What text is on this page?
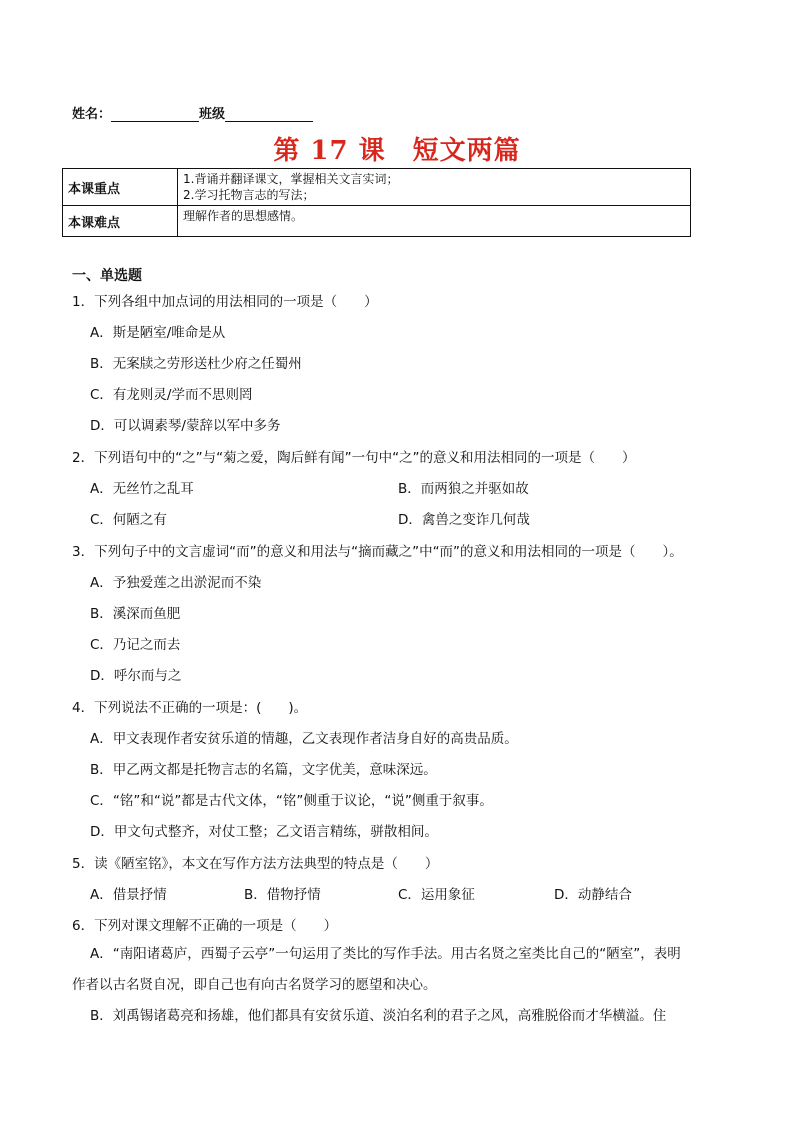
姓名：	班级
第 17 课　短文两篇
本课重点	1.背诵并翻译课文，掌握相关文言实词；
2.学习托物言志的写法；

本课难点	理解作者的思想感情。
一、单选题
1．下列各组中加点词的用法相同的一项是（　　）
A．斯是陋室/唯命是从
B．无案牍之劳形送杜少府之任蜀州
C．有龙则灵/学而不思则罔
D．可以调素琴/蒙辞以军中多务
2．下列语句中的“之”与“菊之爱，陶后鲜有闻”一句中“之”的意义和用法相同的一项是（　　）
A．无丝竹之乱耳	B．而两狼之并驱如故
C．何陋之有	D．禽兽之变诈几何哉
3．下列句子中的文言虚词“而”的意义和用法与“摘而藏之”中“而”的意义和用法相同的一项是（　　）。
A．予独爱莲之出淤泥而不染
B．溪深而鱼肥
C．乃记之而去
D．呼尔而与之
4．下列说法不正确的一项是：(　　)。
A．甲文表现作者安贫乐道的情趣，乙文表现作者洁身自好的高贵品质。
B．甲乙两文都是托物言志的名篇，文字优美，意味深远。
C．“铭”和“说”都是古代文体，“铭”侧重于议论，“说”侧重于叙事。
D．甲文句式整齐，对仗工整；乙文语言精练，骈散相间。
5．读《陋室铭》，本文在写作方法方法典型的特点是（　　）
A．借景抒情	B．借物抒情	C．运用象征	D．动静结合
6．下列对课文理解不正确的一项是（　　）
A．“南阳诸葛庐，西蜀子云亭”一句运用了类比的写作手法。用古名贤之室类比自己的“陋室”，表明
作者以古名贤自况，即自己也有向古名贤学习的愿望和决心。
B．刘禹锡诸葛亮和扬雄，他们都具有安贫乐道、淡泊名利的君子之风，高雅脱俗而才华横溢。住
